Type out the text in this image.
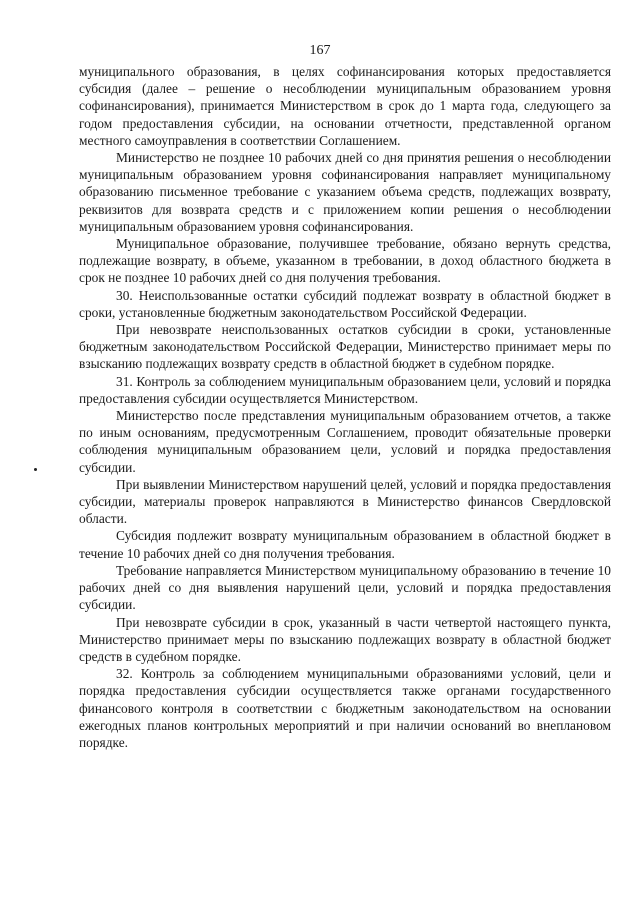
167

муниципального образования, в целях софинансирования которых предоставляется субсидия (далее – решение о несоблюдении муниципальным образованием уровня софинансирования), принимается Министерством в срок до 1 марта года, следующего за годом предоставления субсидии, на основании отчетности, представленной органом местного самоуправления в соответствии Соглашением.

Министерство не позднее 10 рабочих дней со дня принятия решения о несоблюдении муниципальным образованием уровня софинансирования направляет муниципальному образованию письменное требование с указанием объема средств, подлежащих возврату, реквизитов для возврата средств и с приложением копии решения о несоблюдении муниципальным образованием уровня софинансирования.

Муниципальное образование, получившее требование, обязано вернуть средства, подлежащие возврату, в объеме, указанном в требовании, в доход областного бюджета в срок не позднее 10 рабочих дней со дня получения требования.

30. Неиспользованные остатки субсидий подлежат возврату в областной бюджет в сроки, установленные бюджетным законодательством Российской Федерации.

При невозврате неиспользованных остатков субсидии в сроки, установленные бюджетным законодательством Российской Федерации, Министерство принимает меры по взысканию подлежащих возврату средств в областной бюджет в судебном порядке.

31. Контроль за соблюдением муниципальным образованием цели, условий и порядка предоставления субсидии осуществляется Министерством.

Министерство после представления муниципальным образованием отчетов, а также по иным основаниям, предусмотренным Соглашением, проводит обязательные проверки соблюдения муниципальным образованием цели, условий и порядка предоставления субсидии.

При выявлении Министерством нарушений целей, условий и порядка предоставления субсидии, материалы проверок направляются в Министерство финансов Свердловской области.

Субсидия подлежит возврату муниципальным образованием в областной бюджет в течение 10 рабочих дней со дня получения требования.

Требование направляется Министерством муниципальному образованию в течение 10 рабочих дней со дня выявления нарушений цели, условий и порядка предоставления субсидии.

При невозврате субсидии в срок, указанный в части четвертой настоящего пункта, Министерство принимает меры по взысканию подлежащих возврату в областной бюджет средств в судебном порядке.

32. Контроль за соблюдением муниципальными образованиями условий, цели и порядка предоставления субсидии осуществляется также органами государственного финансового контроля в соответствии с бюджетным законодательством на основании ежегодных планов контрольных мероприятий и при наличии оснований во внеплановом порядке.
